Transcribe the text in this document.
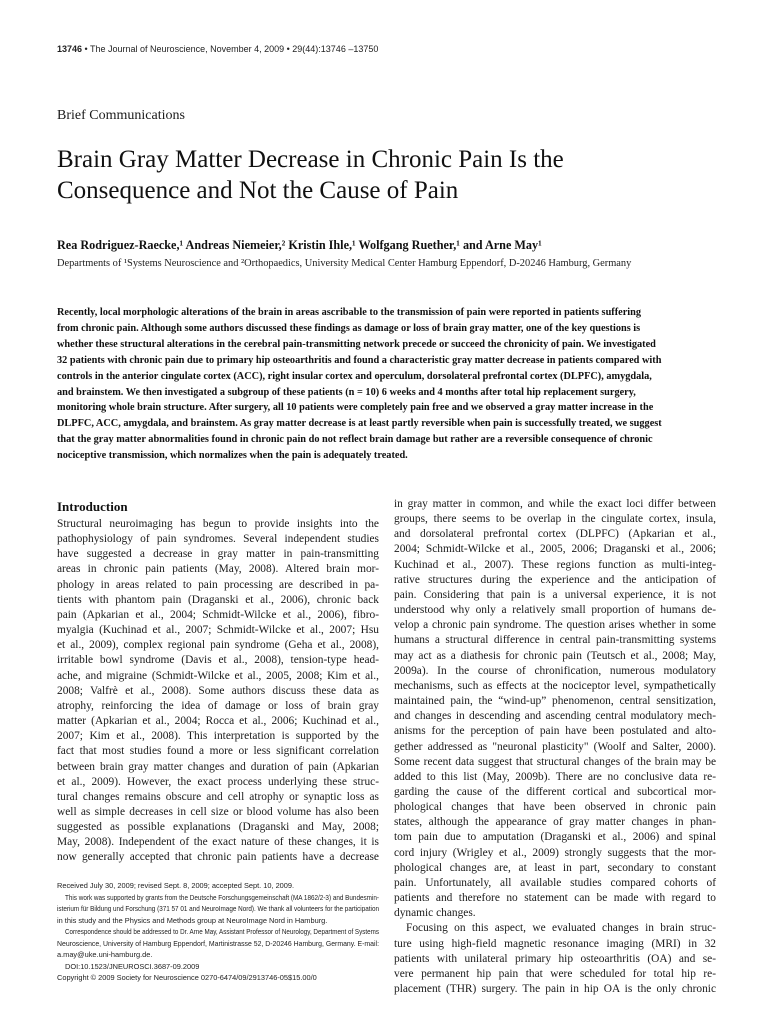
13746 • The Journal of Neuroscience, November 4, 2009 • 29(44):13746 –13750
Brief Communications
Brain Gray Matter Decrease in Chronic Pain Is the
Consequence and Not the Cause of Pain
Rea Rodriguez-Raecke,¹ Andreas Niemeier,² Kristin Ihle,¹ Wolfgang Ruether,¹ and Arne May¹
Departments of ¹Systems Neuroscience and ²Orthopaedics, University Medical Center Hamburg Eppendorf, D-20246 Hamburg, Germany
Recently, local morphologic alterations of the brain in areas ascribable to the transmission of pain were reported in patients suffering
from chronic pain. Although some authors discussed these findings as damage or loss of brain gray matter, one of the key questions is
whether these structural alterations in the cerebral pain-transmitting network precede or succeed the chronicity of pain. We investigated
32 patients with chronic pain due to primary hip osteoarthritis and found a characteristic gray matter decrease in patients compared with
controls in the anterior cingulate cortex (ACC), right insular cortex and operculum, dorsolateral prefrontal cortex (DLPFC), amygdala,
and brainstem. We then investigated a subgroup of these patients (n = 10) 6 weeks and 4 months after total hip replacement surgery,
monitoring whole brain structure. After surgery, all 10 patients were completely pain free and we observed a gray matter increase in the
DLPFC, ACC, amygdala, and brainstem. As gray matter decrease is at least partly reversible when pain is successfully treated, we suggest
that the gray matter abnormalities found in chronic pain do not reflect brain damage but rather are a reversible consequence of chronic
nociceptive transmission, which normalizes when the pain is adequately treated.
Introduction
Structural neuroimaging has begun to provide insights into the
pathophysiology of pain syndromes. Several independent studies
have suggested a decrease in gray matter in pain-transmitting
areas in chronic pain patients (May, 2008). Altered brain mor-
phology in areas related to pain processing are described in pa-
tients with phantom pain (Draganski et al., 2006), chronic back
pain (Apkarian et al., 2004; Schmidt-Wilcke et al., 2006), fibro-
myalgia (Kuchinad et al., 2007; Schmidt-Wilcke et al., 2007; Hsu
et al., 2009), complex regional pain syndrome (Geha et al., 2008),
irritable bowl syndrome (Davis et al., 2008), tension-type head-
ache, and migraine (Schmidt-Wilcke et al., 2005, 2008; Kim et al.,
2008; Valfrè et al., 2008). Some authors discuss these data as
atrophy, reinforcing the idea of damage or loss of brain gray
matter (Apkarian et al., 2004; Rocca et al., 2006; Kuchinad et al.,
2007; Kim et al., 2008). This interpretation is supported by the
fact that most studies found a more or less significant correlation
between brain gray matter changes and duration of pain (Apkarian
et al., 2009). However, the exact process underlying these struc-
tural changes remains obscure and cell atrophy or synaptic loss as
well as simple decreases in cell size or blood volume has also been
suggested as possible explanations (Draganski and May, 2008;
May, 2008). Independent of the exact nature of these changes, it is
now generally accepted that chronic pain patients have a decrease
Received July 30, 2009; revised Sept. 8, 2009; accepted Sept. 10, 2009.
This work was supported by grants from the Deutsche Forschungsgemeinschaft (MA 1862/2-3) and Bundesmin-
isterium für Bildung und Forschung (371 57 01 and NeuroImage Nord). We thank all volunteers for the participation
in this study and the Physics and Methods group at NeuroImage Nord in Hamburg.
Correspondence should be addressed to Dr. Arne May, Assistant Professor of Neurology, Department of Systems
Neuroscience, University of Hamburg Eppendorf, Martinistrasse 52, D-20246 Hamburg, Germany. E-mail:
a.may@uke.uni-hamburg.de.
DOI:10.1523/JNEUROSCI.3687-09.2009
Copyright © 2009 Society for Neuroscience 0270-6474/09/2913746-05$15.00/0
in gray matter in common, and while the exact loci differ between
groups, there seems to be overlap in the cingulate cortex, insula,
and dorsolateral prefrontal cortex (DLPFC) (Apkarian et al.,
2004; Schmidt-Wilcke et al., 2005, 2006; Draganski et al., 2006;
Kuchinad et al., 2007). These regions function as multi-integ-
rative structures during the experience and the anticipation of
pain. Considering that pain is a universal experience, it is not
understood why only a relatively small proportion of humans de-
velop a chronic pain syndrome. The question arises whether in some
humans a structural difference in central pain-transmitting systems
may act as a diathesis for chronic pain (Teutsch et al., 2008; May,
2009a). In the course of chronification, numerous modulatory
mechanisms, such as effects at the nociceptor level, sympathetically
maintained pain, the “wind-up” phenomenon, central sensitization,
and changes in descending and ascending central modulatory mech-
anisms for the perception of pain have been postulated and alto-
gether addressed as "neuronal plasticity" (Woolf and Salter, 2000).
Some recent data suggest that structural changes of the brain may be
added to this list (May, 2009b). There are no conclusive data re-
garding the cause of the different cortical and subcortical mor-
phological changes that have been observed in chronic pain
states, although the appearance of gray matter changes in phan-
tom pain due to amputation (Draganski et al., 2006) and spinal
cord injury (Wrigley et al., 2009) strongly suggests that the mor-
phological changes are, at least in part, secondary to constant
pain. Unfortunately, all available studies compared cohorts of
patients and therefore no statement can be made with regard to
dynamic changes.
Focusing on this aspect, we evaluated changes in brain struc-
ture using high-field magnetic resonance imaging (MRI) in 32
patients with unilateral primary hip osteoarthritis (OA) and se-
vere permanent hip pain that were scheduled for total hip re-
placement (THR) surgery. The pain in hip OA is the only chronic
